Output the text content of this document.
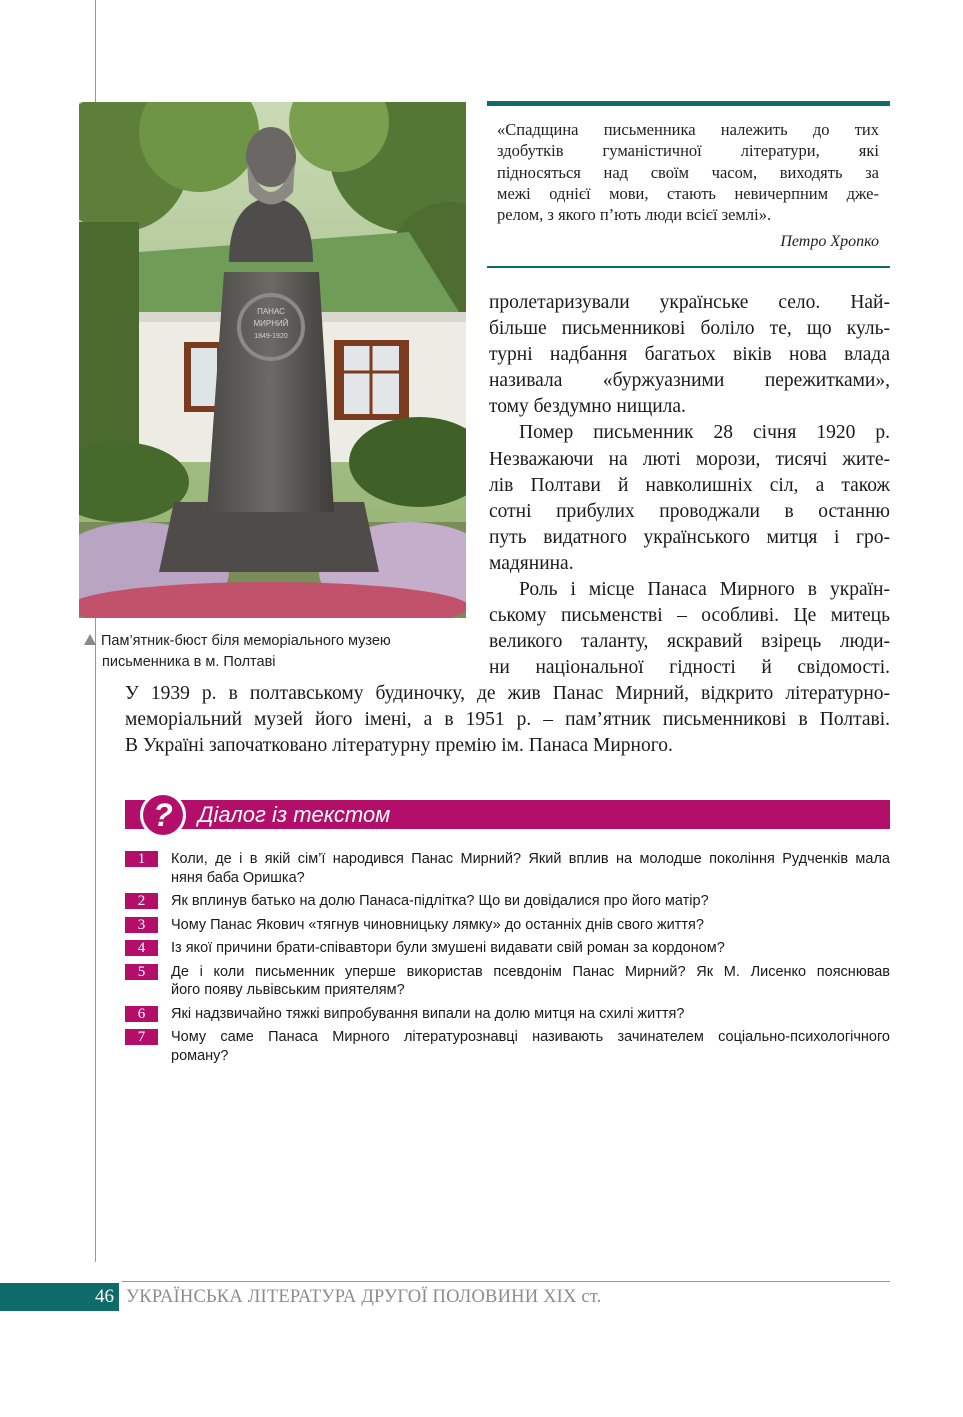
ПАНАС
МИРНИЙ
1849-1920
Пам’ятник-бюст біля меморіального музею
письменника в м. Полтаві
«Спадщина письменника належить до тих
здобутків гуманістичної літератури, які
підносяться над своїм часом, виходять за
межі однієї мови, стають невичерпним дже-
релом, з якого п’ють люди всієї землі».
Петро Хропко
пролетаризували українське село. Най-
більше письменникові боліло те, що куль-
турні надбання багатьох віків нова влада
називала «буржуазними пережитками»,
тому бездумно нищила.
Помер письменник 28 січня 1920 р.
Незважаючи на люті морози, тисячі жите-
лів Полтави й навколишніх сіл, а також
сотні прибулих проводжали в останню
путь видатного українського митця і гро-
мадянина.
Роль і місце Панаса Мирного в україн-
ському письменстві – особливі. Це митець
великого таланту, яскравий взірець люди-
ни національної гідності й свідомості.
У 1939 р. в полтавському будиночку, де жив Панас Мирний, відкрито літературно-
меморіальний музей його імені, а в 1951 р. – пам’ятник письменникові в Полтаві.
В Україні започатковано літературну премію ім. Панаса Мирного.
? Діалог із текстом
1	Коли, де і в якій сім’ї народився Панас Мирний? Який вплив на молодше покоління Рудченків мала
няня баба Оришка?
2	Як вплинув батько на долю Панаса-підлітка? Що ви довідалися про його матір?
3	Чому Панас Якович «тягнув чиновницьку лямку» до останніх днів свого життя?
4	Із якої причини брати-співавтори були змушені видавати свій роман за кордоном?
5	Де і коли письменник уперше використав псевдонім Панас Мирний? Як М. Лисенко пояснював
його появу львівським приятелям?
6	Які надзвичайно тяжкі випробування випали на долю митця на схилі життя?
7	Чому саме Панаса Мирного літературознавці називають зачинателем соціально-психологічного
роману?
46 УКРАЇНСЬКА ЛІТЕРАТУРА ДРУГОЇ ПОЛОВИНИ XIX ст.
